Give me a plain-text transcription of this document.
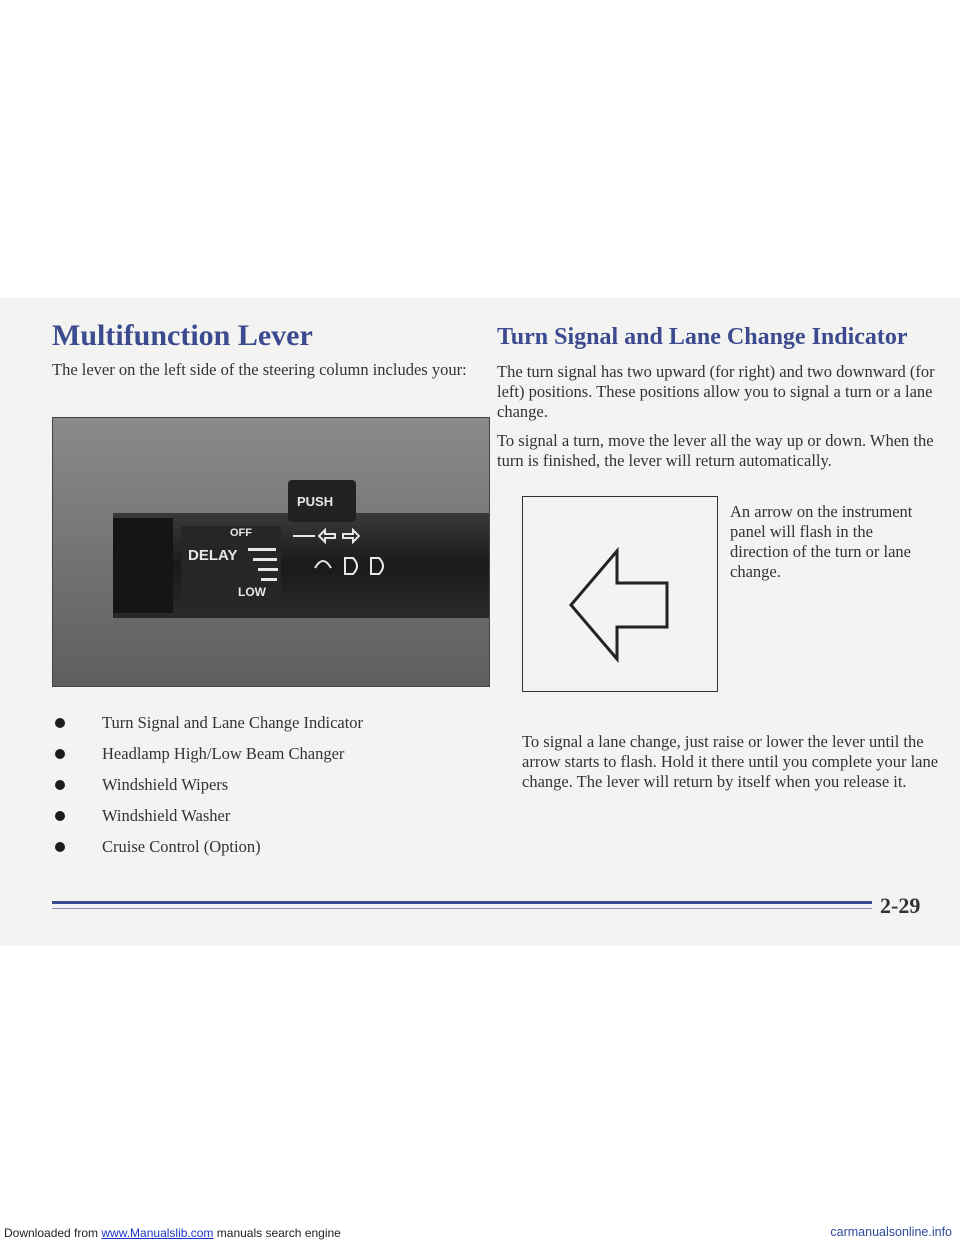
Multifunction Lever

The lever on the left side of the steering column includes your:

PUSH
DELAY
OFF
LOW
Turn Signal and Lane Change Indicator
Headlamp High/Low Beam Changer
Windshield Wipers
Windshield Washer
Cruise Control (Option)
Turn Signal and Lane Change Indicator

The turn signal has two upward (for right) and two downward (for left) positions. These positions allow you to signal a turn or a lane change.

To signal a turn, move the lever all the way up or down. When the turn is finished, the lever will return automatically.

An arrow on the instrument panel will flash in the direction of the turn or lane change.

To signal a lane change, just raise or lower the lever until the arrow starts to flash. Hold it there until you complete your lane change. The lever will return by itself when you release it.

2-29
Downloaded from www.Manualslib.com manuals search engine	carmanualsonline.info
